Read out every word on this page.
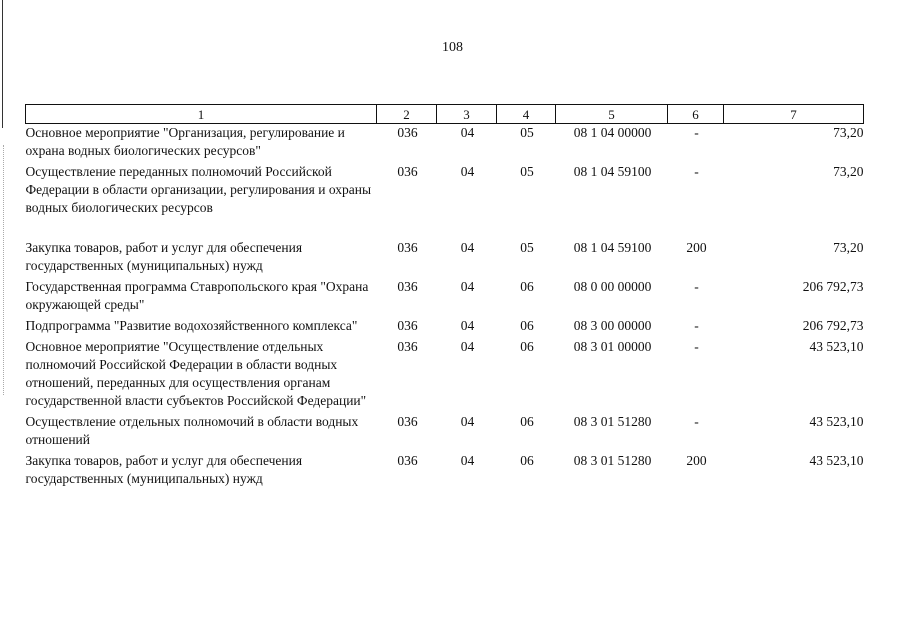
108
1	2	3	4	5	6	7
Основное мероприятие "Организация, регулирование и охрана водных биологических ресурсов"	036	04	05	08 1 04 00000	-	73,20
Осуществление переданных полномочий Российской Федерации в области организации, регулирования и охраны водных биологических ресурсов	036	04	05	08 1 04 59100	-	73,20
Закупка товаров, работ и услуг для обеспечения государственных (муниципальных) нужд	036	04	05	08 1 04 59100	200	73,20
Государственная программа Ставропольского края "Охрана окружающей среды"	036	04	06	08 0 00 00000	-	206 792,73
Подпрограмма "Развитие водохозяйственного комплекса"	036	04	06	08 3 00 00000	-	206 792,73
Основное мероприятие "Осуществление отдельных полномочий Российской Федерации в области водных отношений, переданных для осуществления органам государственной власти субъектов Российской Федерации"	036	04	06	08 3 01 00000	-	43 523,10
Осуществление отдельных полномочий в области водных отношений	036	04	06	08 3 01 51280	-	43 523,10
Закупка товаров, работ и услуг для обеспечения государственных (муниципальных) нужд	036	04	06	08 3 01 51280	200	43 523,10
